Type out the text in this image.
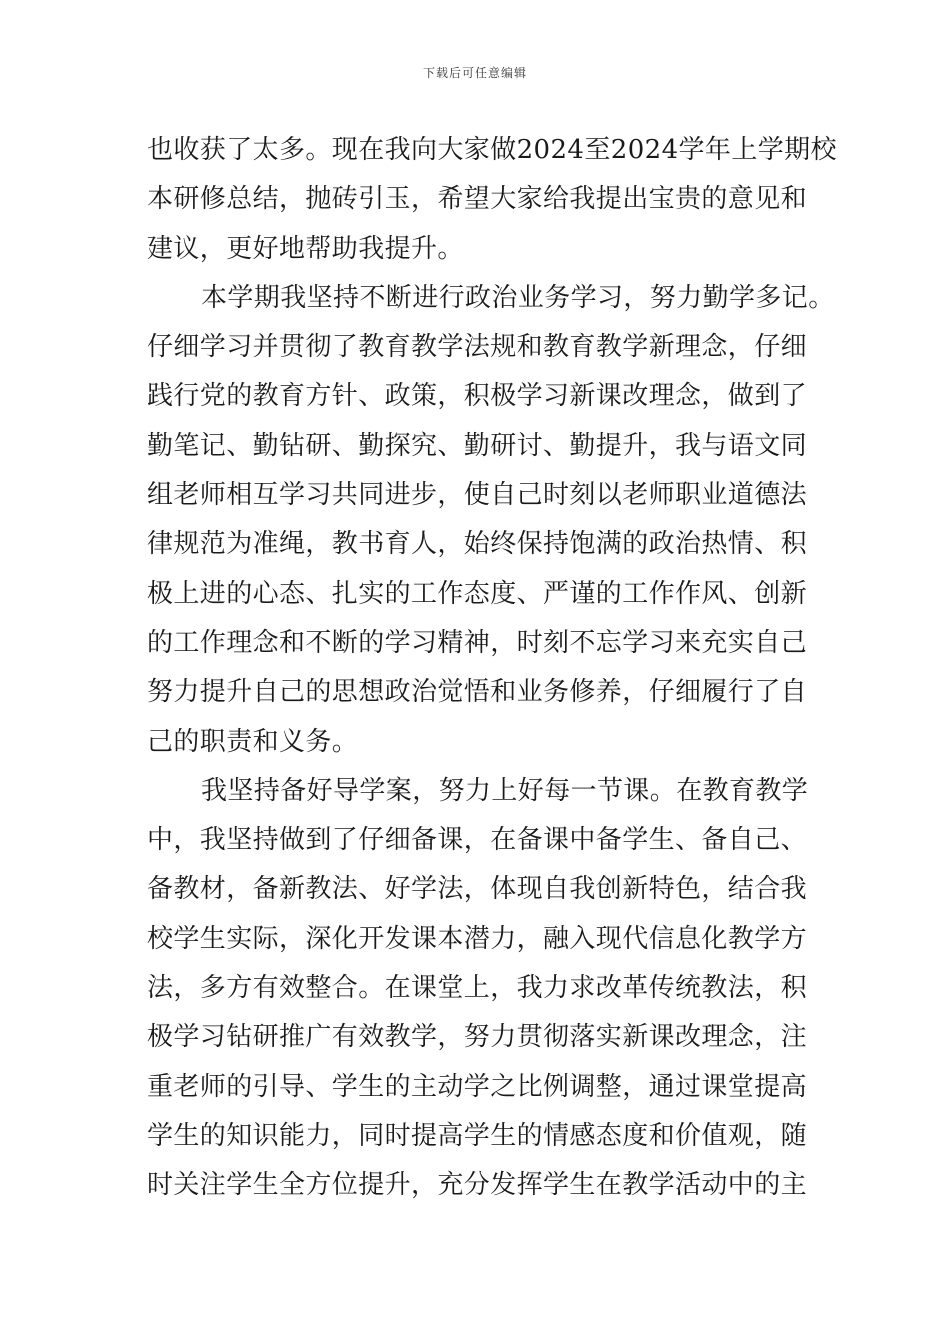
下载后可任意编辑
也收获了太多。现在我向大家做2024至2024学年上学期校
本研修总结，抛砖引玉，希望大家给我提出宝贵的意见和
建议，更好地帮助我提升。
本学期我坚持不断进行政治业务学习，努力勤学多记。
仔细学习并贯彻了教育教学法规和教育教学新理念，仔细
践行党的教育方针、政策，积极学习新课改理念，做到了
勤笔记、勤钻研、勤探究、勤研讨、勤提升，我与语文同
组老师相互学习共同进步，使自己时刻以老师职业道德法
律规范为准绳，教书育人，始终保持饱满的政治热情、积
极上进的心态、扎实的工作态度、严谨的工作作风、创新
的工作理念和不断的学习精神，时刻不忘学习来充实自己
努力提升自己的思想政治觉悟和业务修养，仔细履行了自
己的职责和义务。
我坚持备好导学案，努力上好每一节课。在教育教学
中，我坚持做到了仔细备课，在备课中备学生、备自己、
备教材，备新教法、好学法，体现自我创新特色，结合我
校学生实际，深化开发课本潜力，融入现代信息化教学方
法，多方有效整合。在课堂上，我力求改革传统教法，积
极学习钻研推广有效教学，努力贯彻落实新课改理念，注
重老师的引导、学生的主动学之比例调整，通过课堂提高
学生的知识能力，同时提高学生的情感态度和价值观，随
时关注学生全方位提升，充分发挥学生在教学活动中的主
